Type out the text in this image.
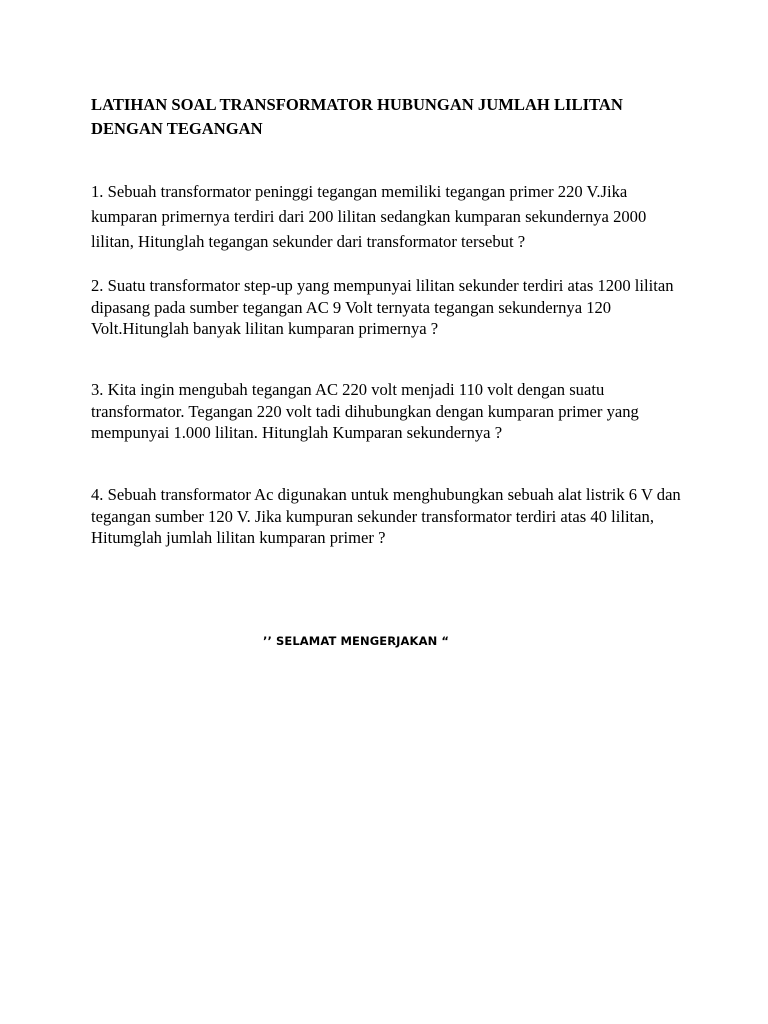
LATIHAN SOAL TRANSFORMATOR HUBUNGAN JUMLAH LILITAN DENGAN TEGANGAN

1. Sebuah transformator peninggi tegangan memiliki tegangan primer 220 V.Jika kumparan primernya terdiri dari 200 lilitan sedangkan kumparan sekundernya 2000 lilitan, Hitunglah tegangan sekunder dari transformator tersebut ?

2. Suatu transformator step-up yang mempunyai lilitan sekunder terdiri atas 1200 lilitan dipasang pada sumber tegangan AC 9 Volt ternyata tegangan sekundernya 120 Volt.Hitunglah banyak lilitan kumparan primernya ?

3. Kita ingin mengubah tegangan AC 220 volt menjadi 110 volt dengan suatu transformator. Tegangan 220 volt tadi dihubungkan dengan kumparan primer yang mempunyai 1.000 lilitan. Hitunglah Kumparan sekundernya ?

4. Sebuah transformator Ac digunakan untuk menghubungkan sebuah alat listrik 6 V dan tegangan sumber 120 V. Jika kumpuran sekunder transformator terdiri atas 40 lilitan, Hitumglah jumlah lilitan kumparan primer ?

’’ SELAMAT MENGERJAKAN “
